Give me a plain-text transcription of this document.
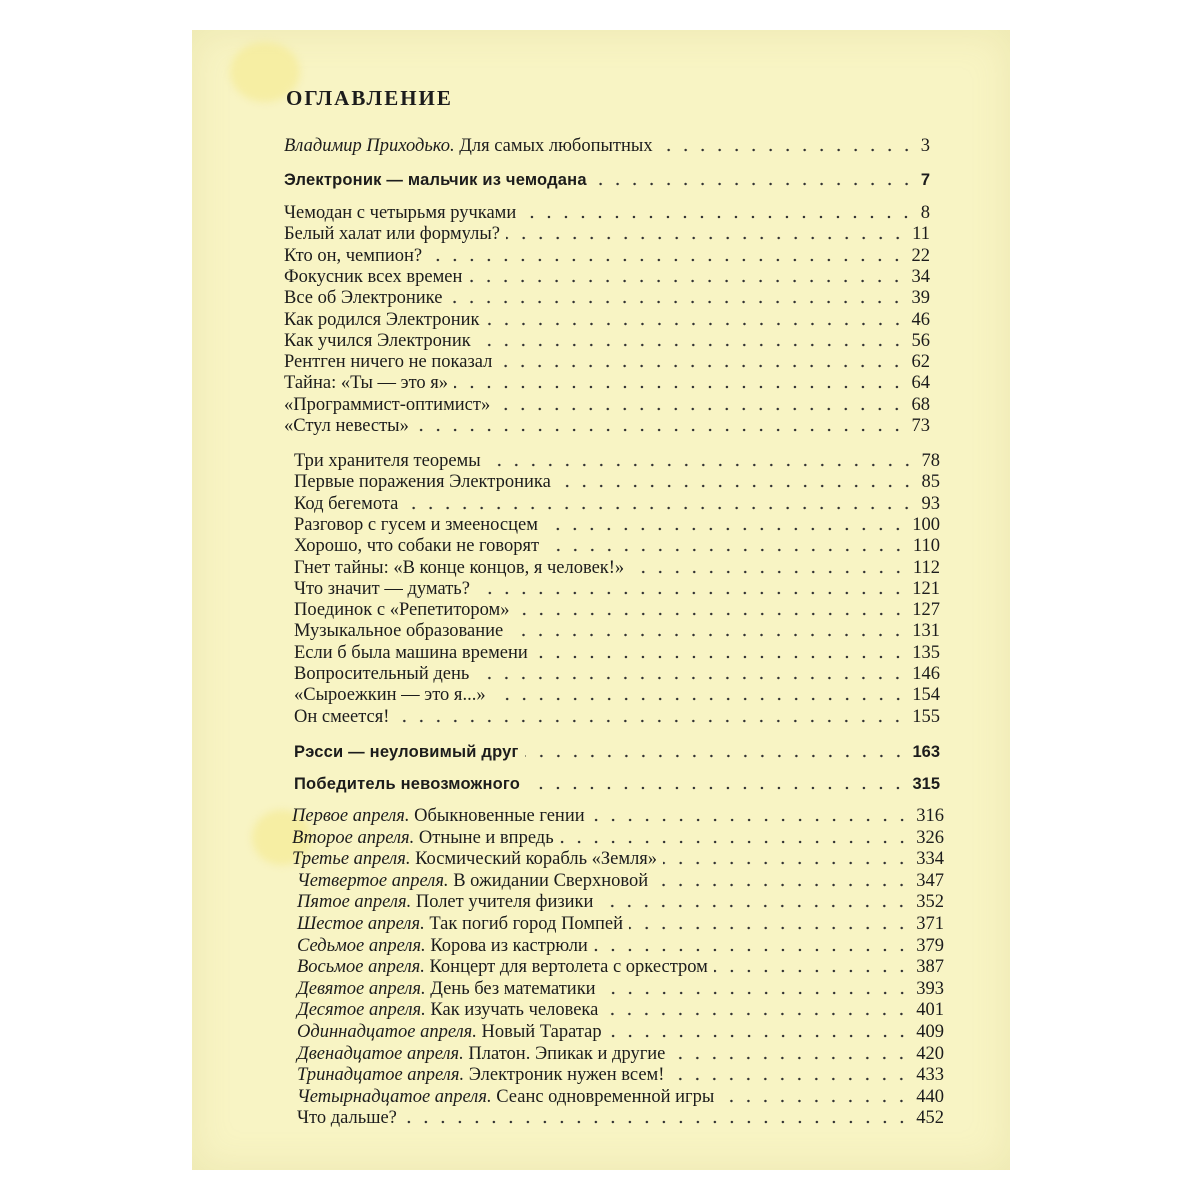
ОГЛАВЛЕНИЕ
Владимир Приходько. Для самых любопытных	3
Электроник — мальчик из чемодана	7
Чемодан с четырьмя ручками	8
Белый халат или формулы?	11
Кто он, чемпион?	22
Фокусник всех времен	34
Все об Электронике	39
Как родился Электроник	46
Как учился Электроник	56
Рентген ничего не показал	62
Тайна: «Ты — это я»	64
«Программист-оптимист»	68
«Стул невесты»	73
Три хранителя теоремы	78
Первые поражения Электроника	85
Код бегемота	93
Разговор с гусем и змееносцем	100
Хорошо, что собаки не говорят	110
Гнет тайны: «В конце концов, я человек!»	112
Что значит — думать?	121
Поединок с «Репетитором»	127
Музыкальное образование	131
Если б была машина времени	135
Вопросительный день	146
«Сыроежкин — это я...»	154
Он смеется!	155
Рэсси — неуловимый друг	163
Победитель невозможного	315
Первое апреля. Обыкновенные гении	316
Второе апреля. Отныне и впредь	326
Третье апреля. Космический корабль «Земля»	334
Четвертое апреля. В ожидании Сверхновой	347
Пятое апреля. Полет учителя физики	352
Шестое апреля. Так погиб город Помпей	371
Седьмое апреля. Корова из кастрюли	379
Восьмое апреля. Концерт для вертолета с оркестром	387
Девятое апреля. День без математики	393
Десятое апреля. Как изучать человека	401
Одиннадцатое апреля. Новый Таратар	409
Двенадцатое апреля. Платон. Эпикак и другие	420
Тринадцатое апреля. Электроник нужен всем!	433
Четырнадцатое апреля. Сеанс одновременной игры	440
Что дальше?	452
